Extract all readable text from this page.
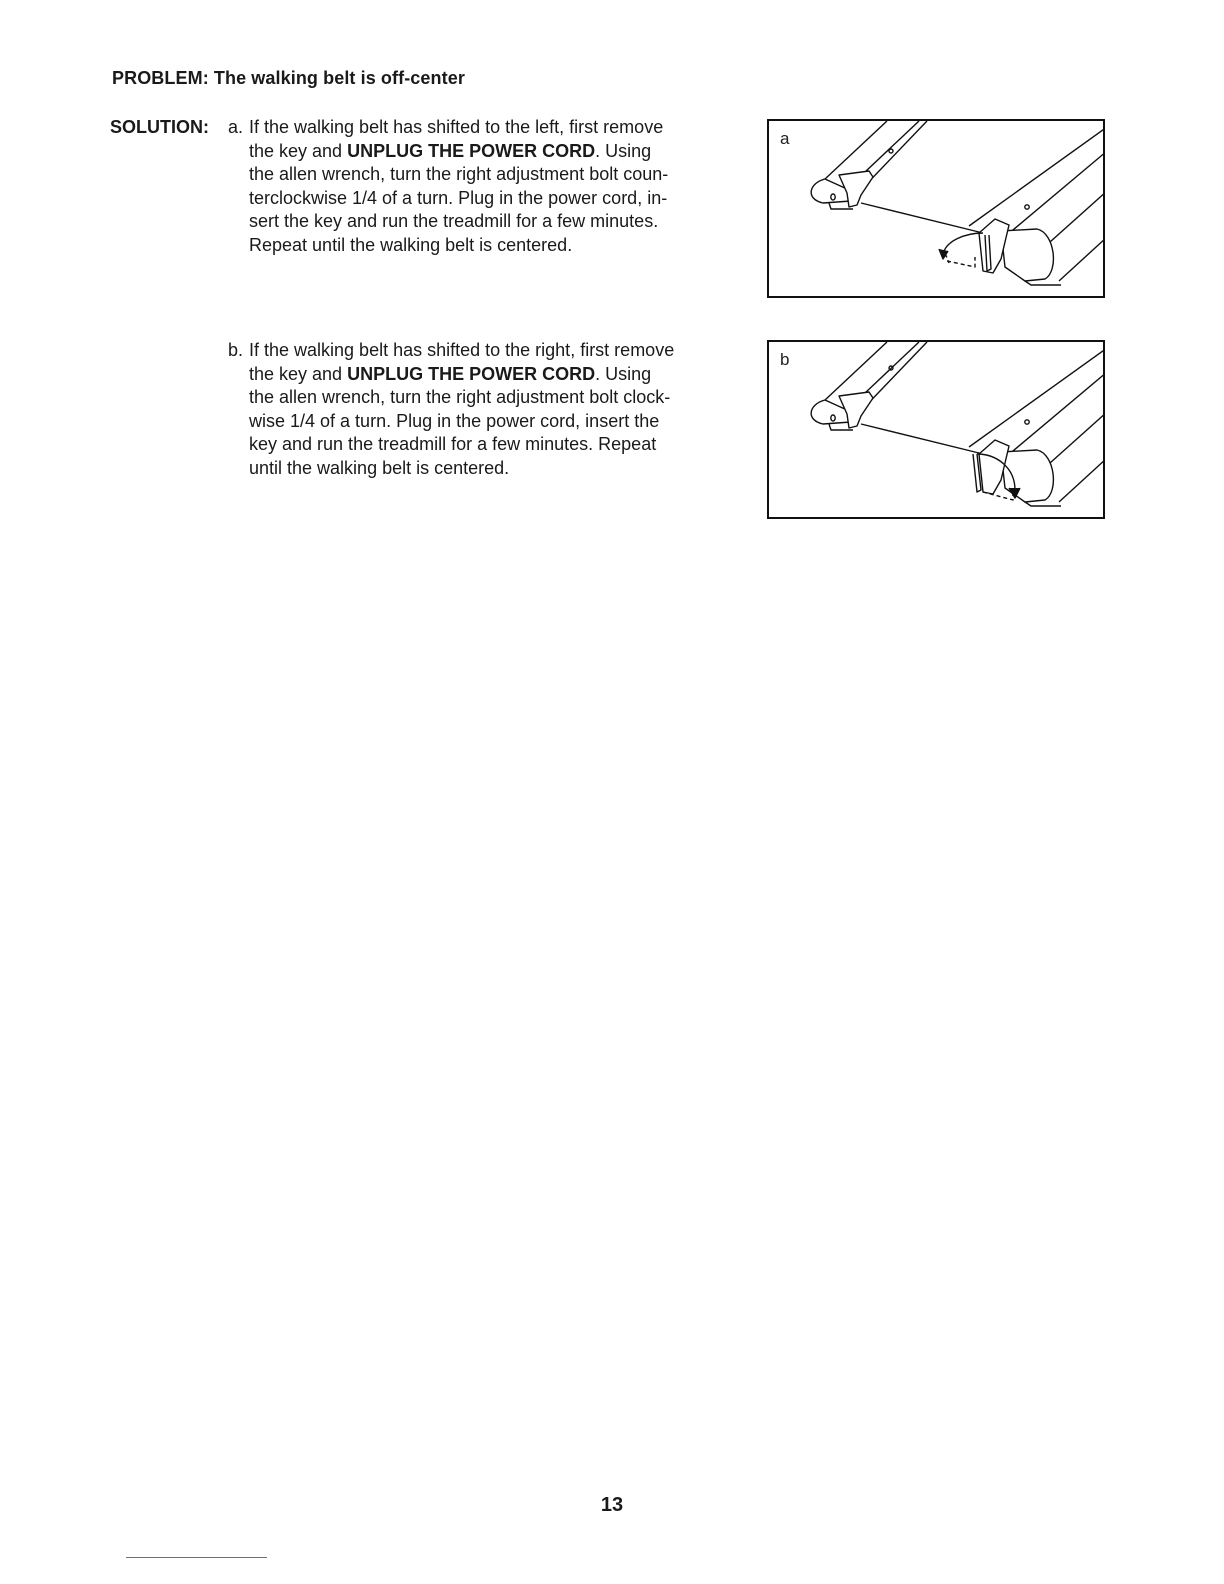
PROBLEM: The walking belt is off-center
SOLUTION: a. If the walking belt has shifted to the left, first remove

the key and UNPLUG THE POWER CORD. Using

the allen wrench, turn the right adjustment bolt coun-

terclockwise 1/4 of a turn. Plug in the power cord, in-

sert the key and run the treadmill for a few minutes.

Repeat until the walking belt is centered.

b. If the walking belt has shifted to the right, first remove

the key and UNPLUG THE POWER CORD. Using

the allen wrench, turn the right adjustment bolt clock-

wise 1/4 of a turn. Plug in the power cord, insert the

key and run the treadmill for a few minutes. Repeat

until the walking belt is centered.

a
b
13
